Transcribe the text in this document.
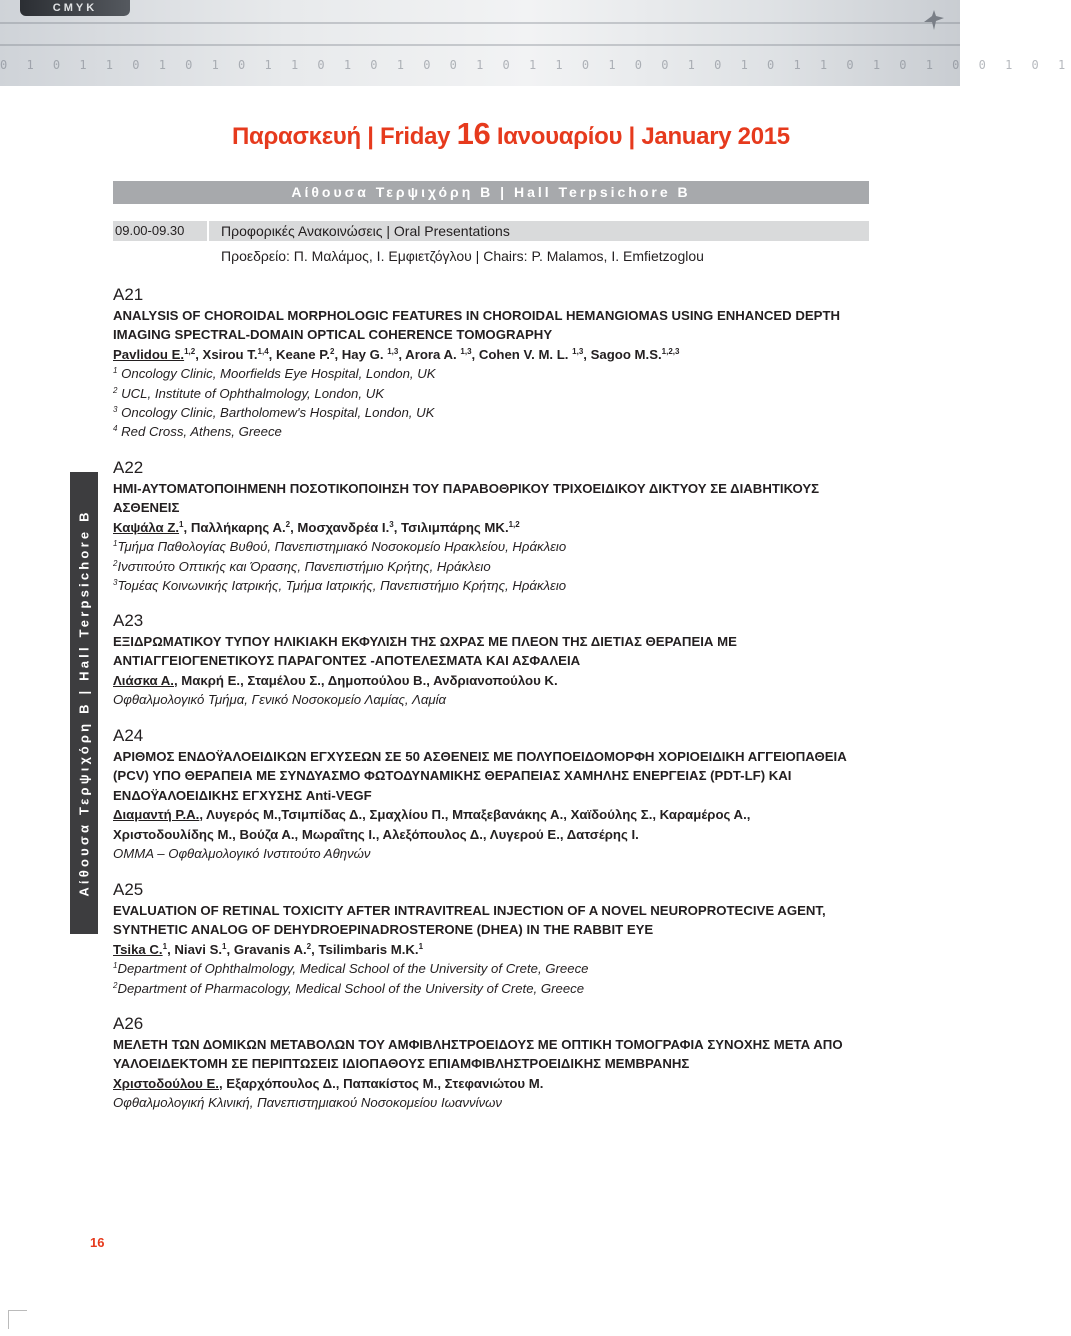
0 1 0 1 1 0 1 0 1 0 1 1 0 1 0 1 0 0 1 0 1 1 0 1 0 0 1 0 1 0 1 1 0 1 0 1 0 0 1 0 1
CMYK
Παρασκευή | Friday 16 Ιανουαρίου | January 2015
Αίθουσα Τερψιχόρη Β | Hall Terpsichore B
09.00-09.30	Προφορικές Ανακοινώσεις | Oral Presentations
Προεδρείο: Π. Μαλάμος, Ι. Εμφιετζόγλου | Chairs: P. Malamos, I. Emfietzoglou
Αίθουσα Τερψιχόρη Β | Hall Terpsichore B
A21
ANALYSIS OF CHOROIDAL MORPHOLOGIC FEATURES IN CHOROIDAL HEMANGIOMAS USING ENHANCED DEPTH IMAGING SPECTRAL-DOMAIN OPTICAL COHERENCE TOMOGRAPHY
Pavlidou E.$^{1,2}$, Xsirou T.$^{1,4}$, Keane P.$^2$, Hay G. $^{1,3}$, Arora A. $^{1,3}$, Cohen V. M. L. $^{1,3}$, Sagoo M.S.$^{1,2,3}$
$^1$ Oncology Clinic, Moorfields Eye Hospital, London, UK
$^2$ UCL, Institute of Ophthalmology, London, UK
$^3$ Oncology Clinic, Bartholomew's Hospital, London, UK
$^4$ Red Cross, Athens, Greece
A22
ΗΜΙ-ΑΥΤΟΜΑΤΟΠΟΙΗΜΕΝΗ ΠΟΣΟΤΙΚΟΠΟΙΗΣΗ ΤΟΥ ΠΑΡΑΒΟΘΡΙΚΟΥ ΤΡΙΧΟΕΙΔΙΚΟΥ ΔΙΚΤΥΟΥ ΣΕ ΔΙΑΒΗΤΙΚΟΥΣ ΑΣΘΕΝΕΙΣ
Καψάλα Ζ.$^1$, Παλλήκαρης Α.$^2$, Μοσχανδρέα Ι.$^3$, Τσιλιμπάρης ΜΚ.$^{1,2}$
$^1$Τμήμα Παθολογίας Βυθού, Πανεπιστημιακό Νοσοκομείο Ηρακλείου, Ηράκλειο
$^2$Ινστιτούτο Οπτικής και Όρασης, Πανεπιστήμιο Κρήτης, Ηράκλειο
$^3$Τομέας Κοινωνικής Ιατρικής, Τμήμα Ιατρικής, Πανεπιστήμιο Κρήτης, Ηράκλειο
A23
ΕΞΙΔΡΩΜΑΤΙΚΟΥ ΤΥΠΟΥ ΗΛΙΚΙΑΚΗ ΕΚΦΥΛΙΣΗ ΤΗΣ ΩΧΡΑΣ ΜΕ ΠΛΕΟΝ ΤΗΣ ΔΙΕΤΙΑΣ ΘΕΡΑΠΕΙΑ ΜΕ ΑΝΤΙΑΓΓΕΙΟΓΕΝΕΤΙΚΟΥΣ ΠΑΡΑΓΟΝΤΕΣ -ΑΠΟΤΕΛΕΣΜΑΤΑ ΚΑΙ ΑΣΦΑΛΕΙΑ
Λιάσκα Α., Μακρή Ε., Σταμέλου Σ., Δημοπούλου Β., Ανδριανοπούλου Κ.
Οφθαλμολογικό Τμήμα, Γενικό Νοσοκομείο Λαμίας, Λαμία
A24
ΑΡΙΘΜΟΣ ΕΝΔΟΫΑΛΟΕΙΔΙΚΩΝ ΕΓΧΥΣΕΩΝ ΣΕ 50 ΑΣΘΕΝΕΙΣ ΜΕ ΠΟΛΥΠΟΕΙΔΟΜΟΡΦΗ ΧΟΡΙΟΕΙΔΙΚΗ ΑΓΓΕΙΟΠΑΘΕΙΑ (PCV) ΥΠΟ ΘΕΡΑΠΕΙΑ ΜΕ ΣΥΝΔΥΑΣΜΟ ΦΩΤΟΔΥΝΑΜΙΚΗΣ ΘΕΡΑΠΕΙΑΣ ΧΑΜΗΛΗΣ ΕΝΕΡΓΕΙΑΣ (PDT-LF) ΚΑΙ ΕΝΔΟΫΑΛΟΕΙΔΙΚΗΣ ΕΓΧΥΣΗΣ Anti-VEGF
Διαμαντή Ρ.Α., Λυγερός Μ.,Τσιμπίδας Δ., Σμαχλίου Π., Μπαξεβανάκης Α., Χαϊδούλης Σ., Καραμέρος Α.,
Χριστοδουλίδης Μ., Βούζα Α., Μωραΐτης Ι., Αλεξόπουλος Δ., Λυγερού Ε., Δατσέρης Ι.
ΟΜΜΑ – Οφθαλμολογικό Ινστιτούτο Αθηνών
A25
EVALUATION OF RETINAL TOXICITY AFTER INTRAVITREAL INJECTION OF A NOVEL NEUROPROTECIVE AGENT, SYNTHETIC ANALOG OF DEHYDROEPINADROSTERONE (DHEA) IN THE RABBIT EYE
Tsika C.$^1$, Niavi S.$^1$, Gravanis A.$^2$, Tsilimbaris M.K.$^1$
$^1$Department of Ophthalmology, Medical School of the University of Crete, Greece
$^2$Department of Pharmacology, Medical School of the University of Crete, Greece
A26
ΜΕΛΕΤΗ ΤΩΝ ΔΟΜΙΚΩΝ ΜΕΤΑΒΟΛΩΝ ΤΟΥ ΑΜΦΙΒΛΗΣΤΡΟΕΙΔΟΥΣ ΜΕ ΟΠΤΙΚΗ ΤΟΜΟΓΡΑΦΙΑ ΣΥΝΟΧΗΣ ΜΕΤΑ ΑΠΟ ΥΑΛΟΕΙΔΕΚΤΟΜΗ ΣΕ ΠΕΡΙΠΤΩΣΕΙΣ ΙΔΙΟΠΑΘΟΥΣ ΕΠΙΑΜΦΙΒΛΗΣΤΡΟΕΙΔΙΚΗΣ ΜΕΜΒΡΑΝΗΣ
Χριστοδούλου Ε., Εξαρχόπουλος Δ., Παπακίστος Μ., Στεφανιώτου Μ.
Οφθαλμολογική Κλινική, Πανεπιστημιακού Νοσοκομείου Ιωαννίνων
16
